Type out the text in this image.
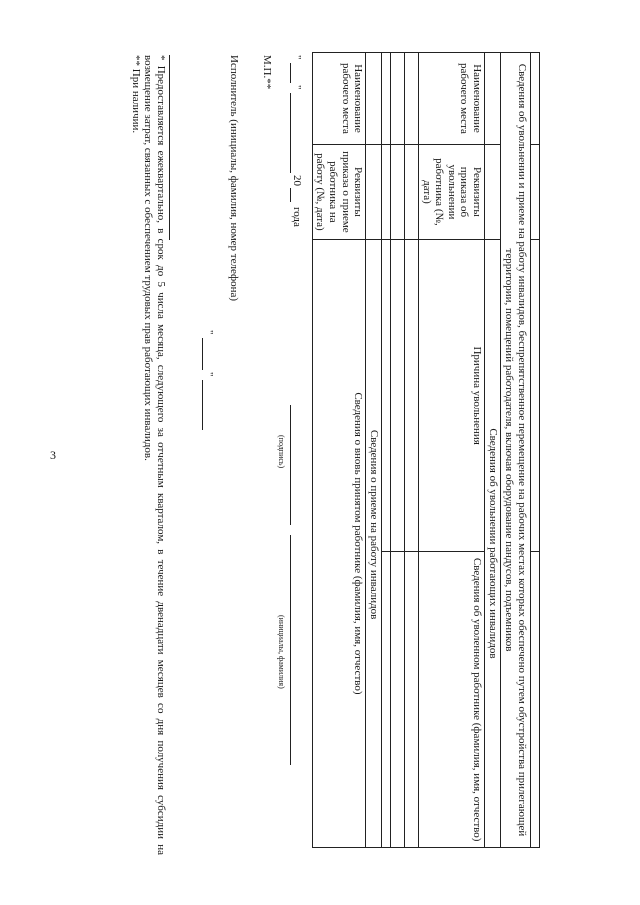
3
				Сведения об увольнении и приеме на работу инвалидов, беспрепятственное перемещение на рабочих местах которых обеспечено путем обустройства прилегающей территории, помещений работодателя, включая оборудование пандусов, подъемников			
		Сведения об увольнении работающих инвалидов	
Наименование рабочего места	Реквизиты приказа об увольнении работника (№, дата)	Причина увольнения	Сведения об уволенном работнике (фамилия, имя, отчество)

		Сведения о приеме на работу инвалидов	
Наименование рабочего места	Реквизиты приказа о приеме работника на работу (№, дата)	Сведения о вновь принятом работнике (фамилия, имя, отчество)	
"
"
20
года
(подпись)
(инициалы, фамилия)
М.П.**
Исполнитель (инициалы, фамилия, номер телефона)
"
"

* Предоставляется ежеквартально, в срок до 5 числа месяца, следующего за отчетным кварталом, в течение двенадцати месяцев со дня получения субсидии на возмещение затрат, связанных с обеспечением трудовых прав работающих инвалидов.

** При наличии.
